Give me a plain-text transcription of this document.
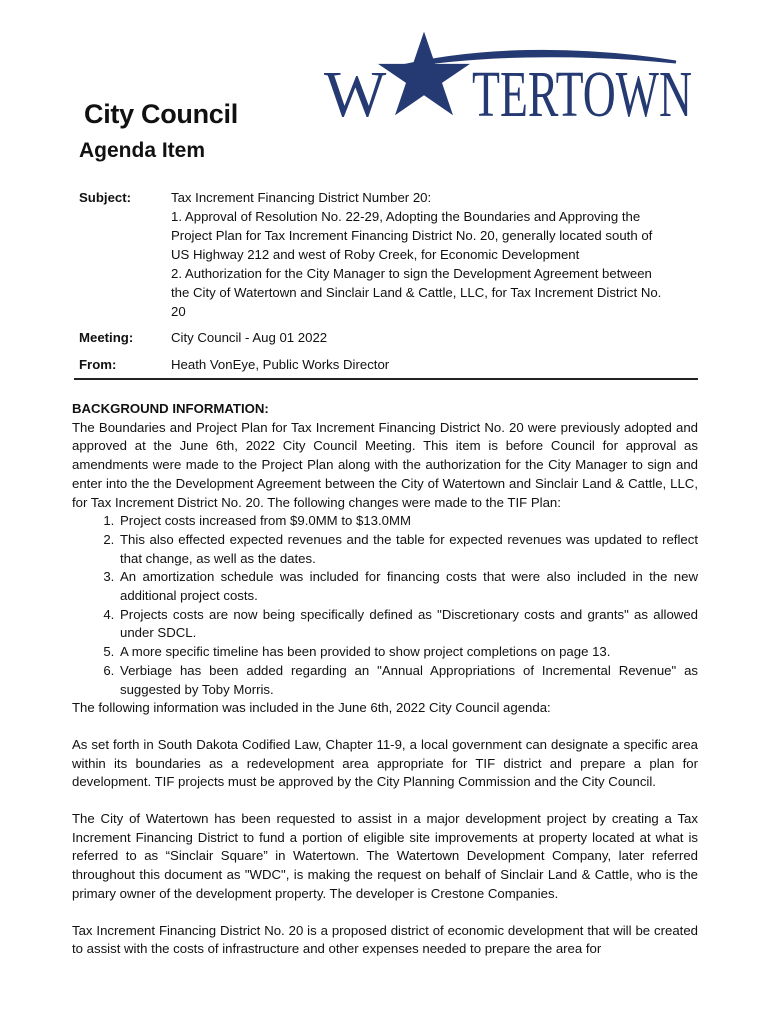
W TERTOWN
City Council
Agenda Item
Subject:	Tax Increment Financing District Number 20:
1. Approval of Resolution No. 22-29, Adopting the Boundaries and Approving the
Project Plan for Tax Increment Financing District No. 20, generally located south of
US Highway 212 and west of Roby Creek, for Economic Development
2. Authorization for the City Manager to sign the Development Agreement between
the City of Watertown and Sinclair Land & Cattle, LLC, for Tax Increment District No.
20
Meeting:	City Council - Aug 01 2022
From:	Heath VonEye, Public Works Director
BACKGROUND INFORMATION:

The Boundaries and Project Plan for Tax Increment Financing District No. 20 were previously adopted and approved at the June 6th, 2022 City Council Meeting. This item is before Council for approval as amendments were made to the Project Plan along with the authorization for the City Manager to sign and enter into the the Development Agreement between the City of Watertown and Sinclair Land & Cattle, LLC, for Tax Increment District No. 20. The following changes were made to the TIF Plan:

1. Project costs increased from $9.0MM to $13.0MM
2. This also effected expected revenues and the table for expected revenues was updated to reflect that change, as well as the dates.
3. An amortization schedule was included for financing costs that were also included in the new additional project costs.
4. Projects costs are now being specifically defined as "Discretionary costs and grants" as allowed under SDCL.
5. A more specific timeline has been provided to show project completions on page 13.
6. Verbiage has been added regarding an "Annual Appropriations of Incremental Revenue" as suggested by Toby Morris.

The following information was included in the June 6th, 2022 City Council agenda:

As set forth in South Dakota Codified Law, Chapter 11-9, a local government can designate a specific area within its boundaries as a redevelopment area appropriate for TIF district and prepare a plan for development. TIF projects must be approved by the City Planning Commission and the City Council.

The City of Watertown has been requested to assist in a major development project by creating a Tax Increment Financing District to fund a portion of eligible site improvements at property located at what is referred to as “Sinclair Square” in Watertown. The Watertown Development Company, later referred throughout this document as "WDC", is making the request on behalf of Sinclair Land & Cattle, who is the primary owner of the development property. The developer is Crestone Companies.

Tax Increment Financing District No. 20 is a proposed district of economic development that will be created to assist with the costs of infrastructure and other expenses needed to prepare the area for
